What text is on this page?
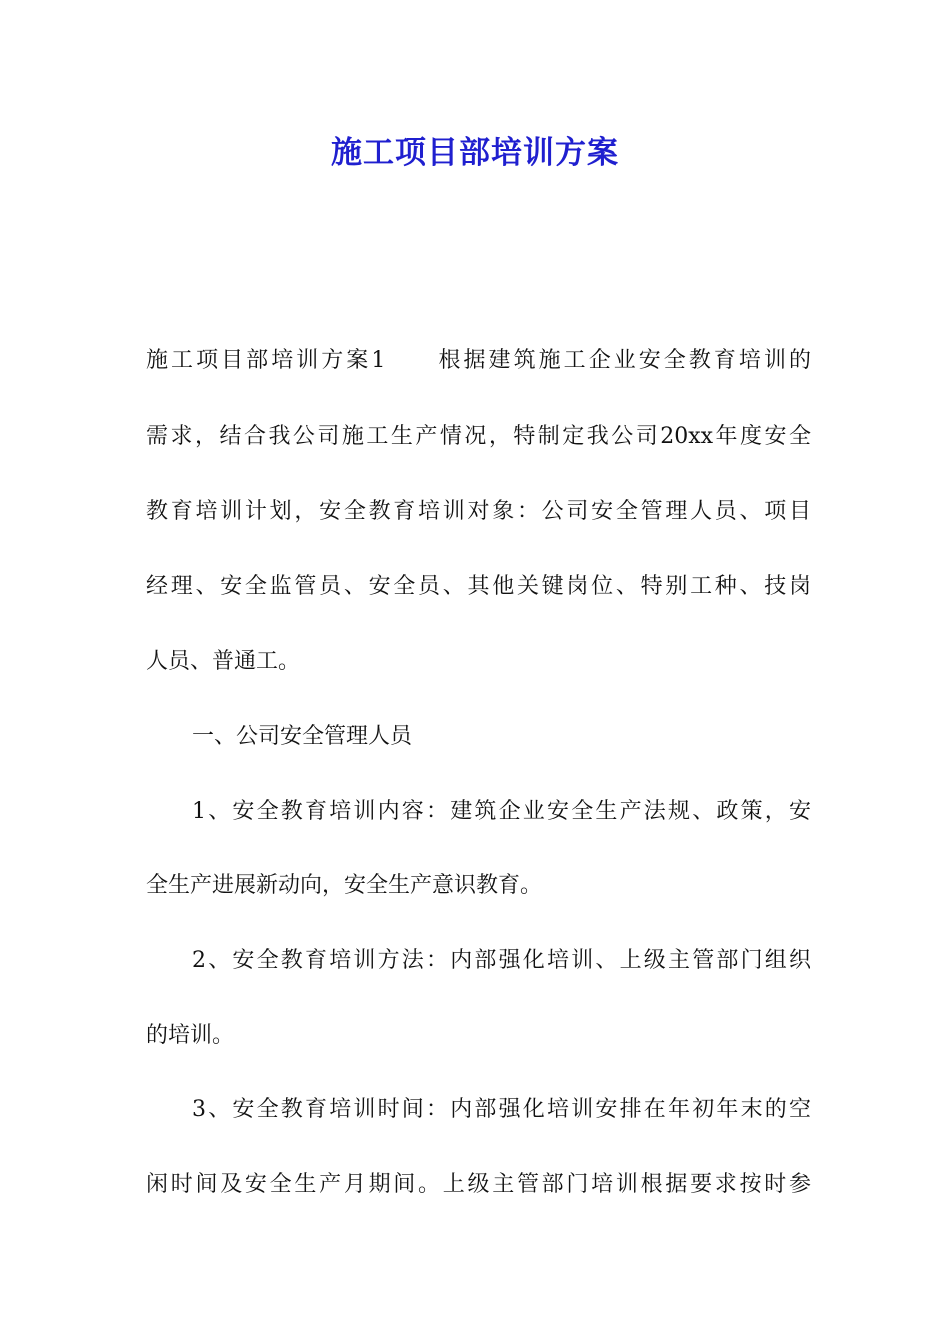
施工项目部培训方案
施工项目部培训方案1　　根据建筑施工企业安全教育培训的
需求，结合我公司施工生产情况，特制定我公司20xx年度安全
教育培训计划，安全教育培训对象：公司安全管理人员、项目
经理、安全监管员、安全员、其他关键岗位、特别工种、技岗
人员、普通工。
一、公司安全管理人员
1、安全教育培训内容：建筑企业安全生产法规、政策，安
全生产进展新动向，安全生产意识教育。
2、安全教育培训方法：内部强化培训、上级主管部门组织
的培训。
3、安全教育培训时间：内部强化培训安排在年初年末的空
闲时间及安全生产月期间。上级主管部门培训根据要求按时参
